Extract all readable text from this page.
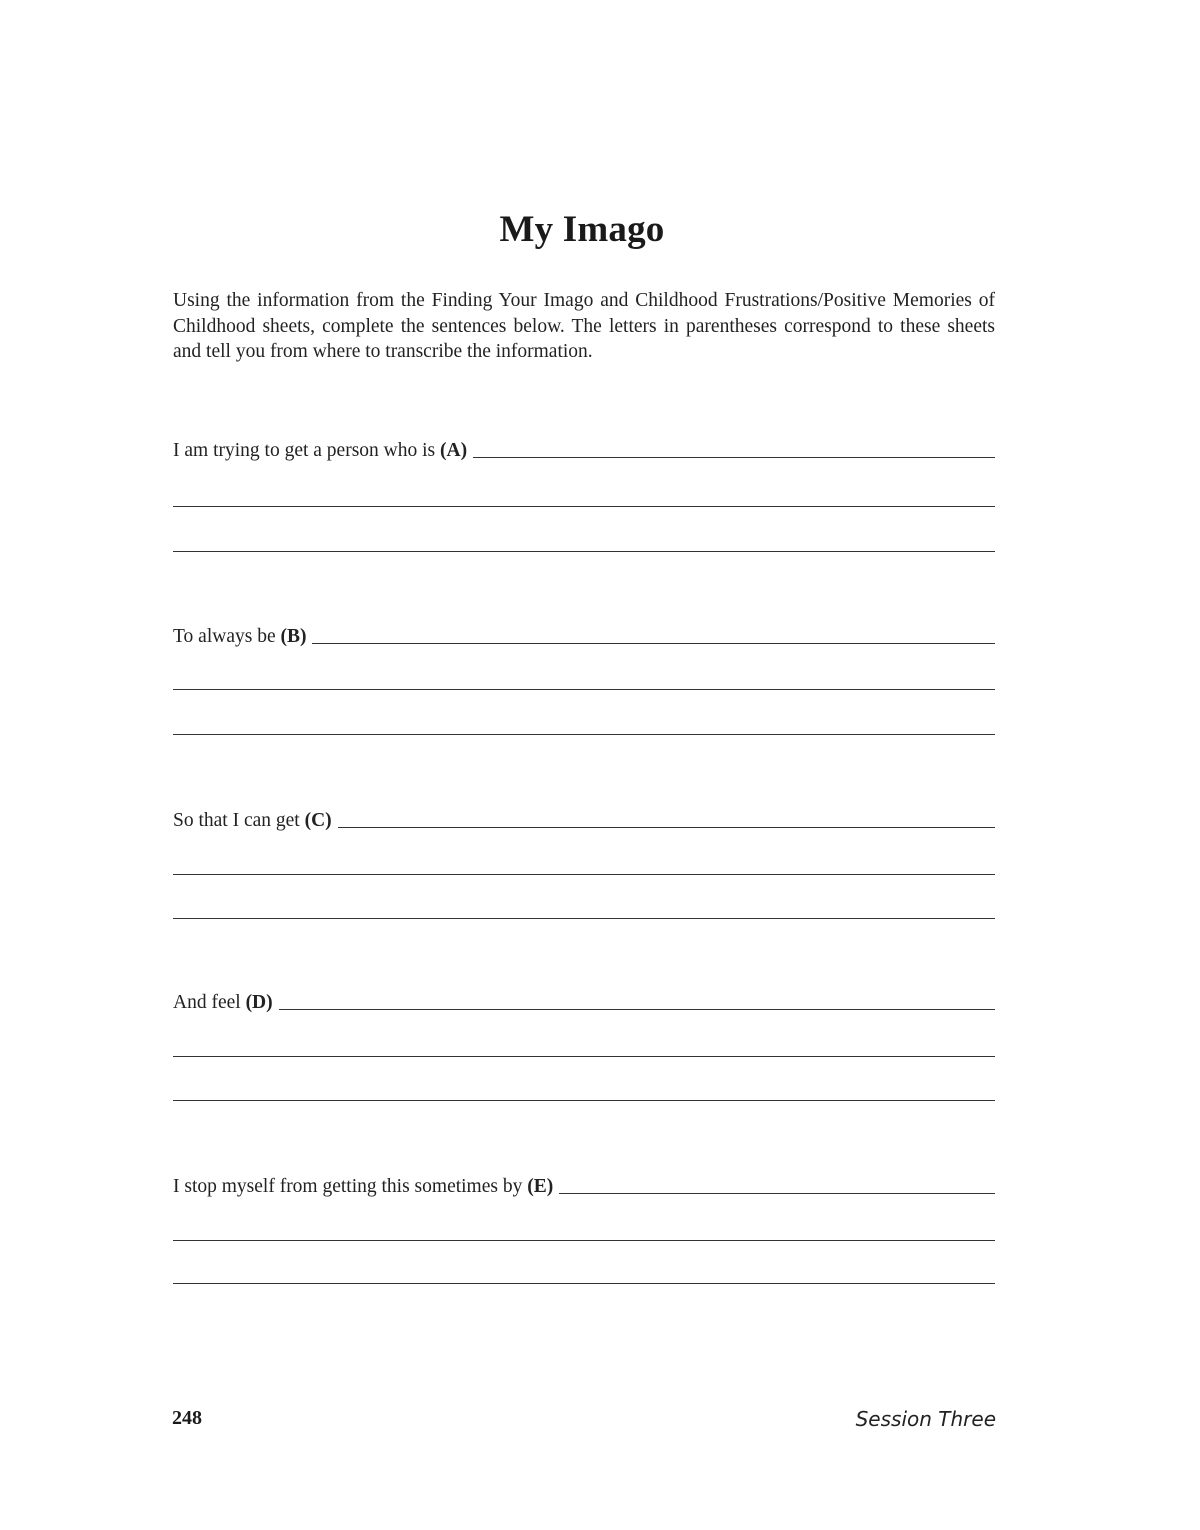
My Imago
Using the information from the Finding Your Imago and Childhood Frustrations/Positive Memories of Childhood sheets, complete the sentences below. The letters in parentheses correspond to these sheets and tell you from where to transcribe the information.
I am trying to get a person who is (A)
To always be (B)
So that I can get (C)
And feel (D)
I stop myself from getting this sometimes by (E)
248	Session Three
